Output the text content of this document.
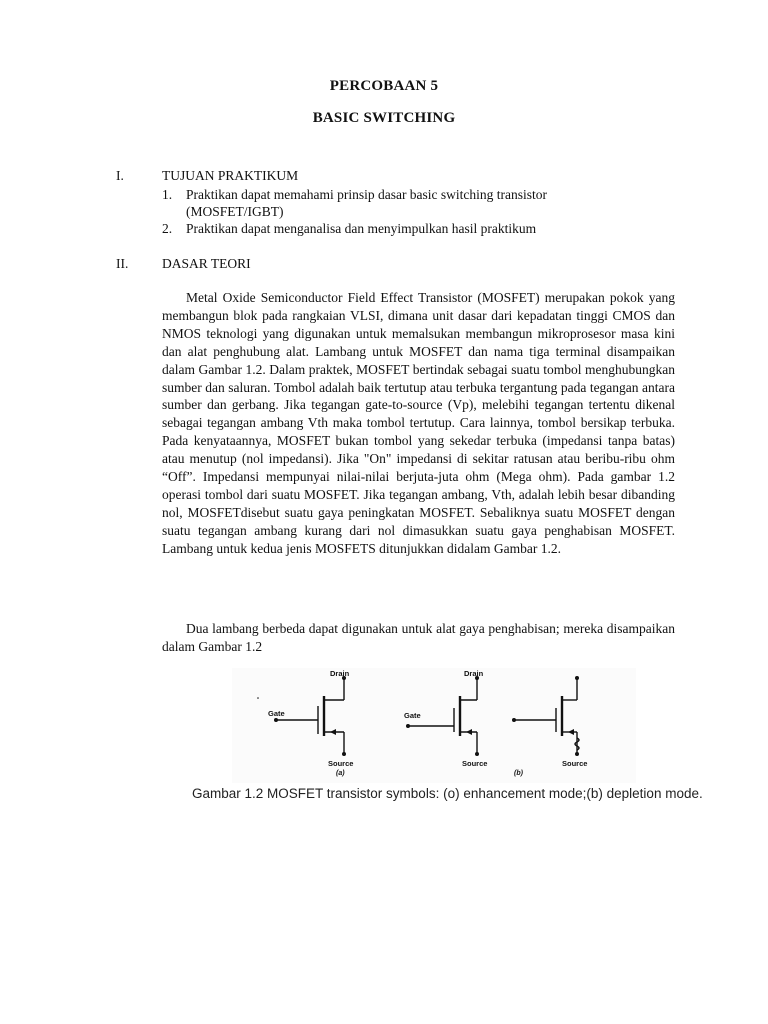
PERCOBAAN 5
BASIC SWITCHING
I.	TUJUAN PRAKTIKUM
1. Praktikan dapat memahami prinsip dasar basic switching transistor (MOSFET/IGBT)
2. Praktikan dapat menganalisa dan menyimpulkan hasil praktikum
II. DASAR TEORI

Metal Oxide Semiconductor Field Effect Transistor (MOSFET) merupakan pokok yang membangun blok pada rangkaian VLSI, dimana unit dasar dari kepadatan tinggi CMOS dan NMOS teknologi yang digunakan untuk memalsukan membangun mikroprosesor masa kini dan alat penghubung alat. Lambang untuk MOSFET dan nama tiga terminal disampaikan dalam Gambar 1.2. Dalam praktek, MOSFET bertindak sebagai suatu tombol menghubungkan sumber dan saluran. Tombol adalah baik tertutup atau terbuka tergantung pada tegangan antara sumber dan gerbang. Jika tegangan gate-to-source (Vp), melebihi tegangan tertentu dikenal sebagai tegangan ambang Vth maka tombol tertutup. Cara lainnya, tombol bersikap terbuka. Pada kenyataannya, MOSFET bukan tombol yang sekedar terbuka (impedansi tanpa batas) atau menutup (nol impedansi). Jika "On" impedansi di sekitar ratusan atau beribu-ribu ohm “Off”. Impedansi mempunyai nilai-nilai berjuta-juta ohm (Mega ohm). Pada gambar 1.2 operasi tombol dari suatu MOSFET. Jika tegangan ambang, Vth, adalah lebih besar dibanding nol, MOSFETdisebut suatu gaya peningkatan MOSFET. Sebaliknya suatu MOSFET dengan suatu tegangan ambang kurang dari nol dimasukkan suatu gaya penghabisan MOSFET. Lambang untuk kedua jenis MOSFETS ditunjukkan didalam Gambar 1.2.

Dua lambang berbeda dapat digunakan untuk alat gaya penghabisan; mereka disampaikan dalam Gambar 1.2

Drain
Gate
Source
(a)
Drain
Gate
Source
(b)
Source
Gambar 1.2 MOSFET transistor symbols: (o) enhancement mode;(b) depletion mode.
